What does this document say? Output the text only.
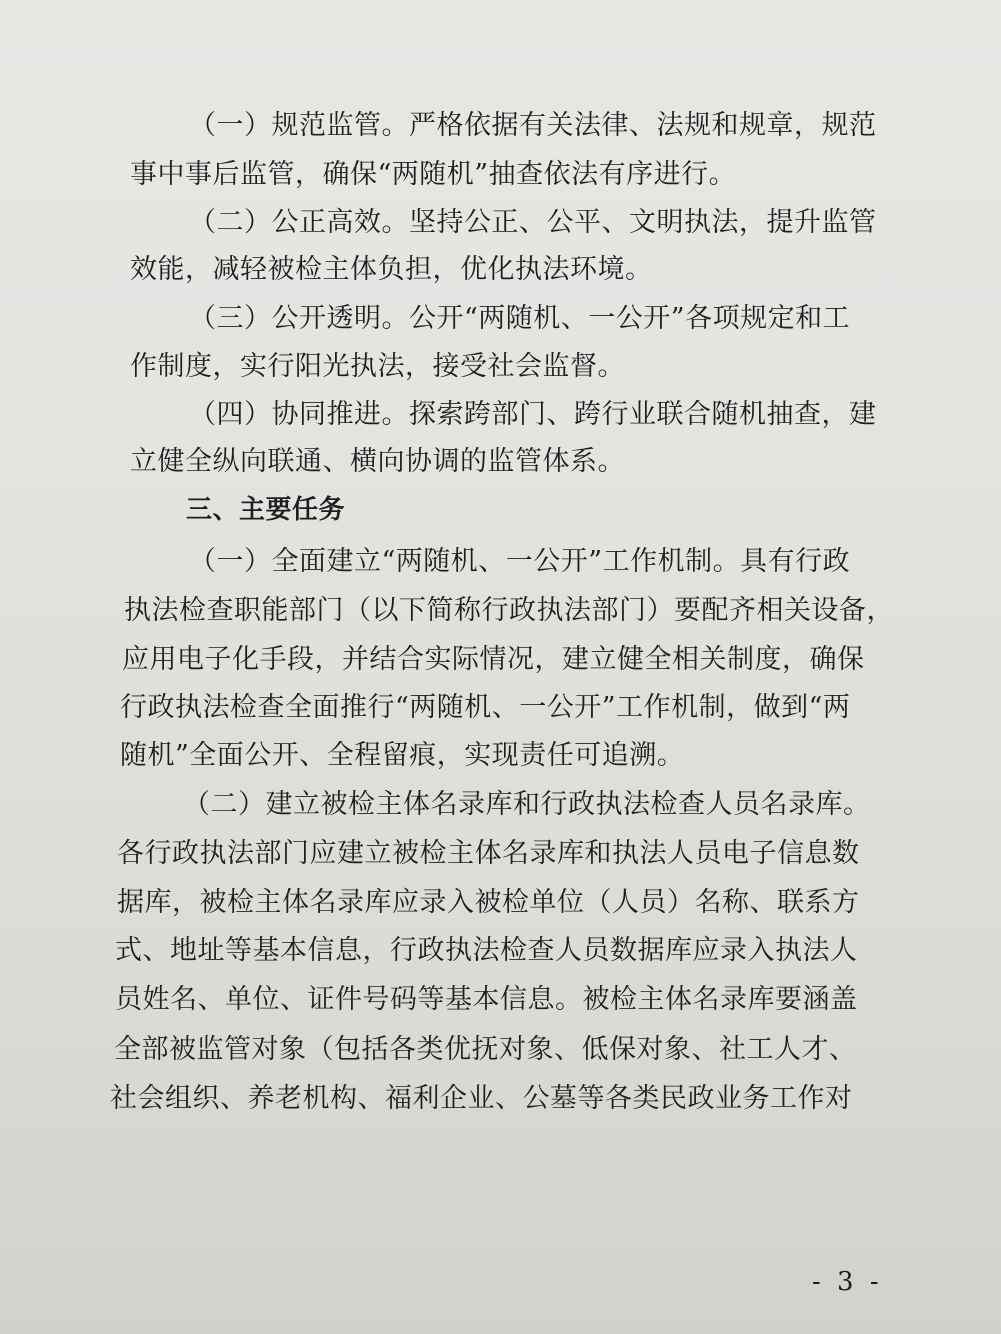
（一）规范监管。严格依据有关法律、法规和规章，规范
事中事后监管，确保“两随机”抽查依法有序进行。
（二）公正高效。坚持公正、公平、文明执法，提升监管
效能，减轻被检主体负担，优化执法环境。
（三）公开透明。公开“两随机、一公开”各项规定和工
作制度，实行阳光执法，接受社会监督。
（四）协同推进。探索跨部门、跨行业联合随机抽查，建
立健全纵向联通、横向协调的监管体系。
三、主要任务
（一）全面建立“两随机、一公开”工作机制。具有行政
执法检查职能部门（以下简称行政执法部门）要配齐相关设备，
应用电子化手段，并结合实际情况，建立健全相关制度，确保
行政执法检查全面推行“两随机、一公开”工作机制，做到“两
随机”全面公开、全程留痕，实现责任可追溯。
（二）建立被检主体名录库和行政执法检查人员名录库。
各行政执法部门应建立被检主体名录库和执法人员电子信息数
据库，被检主体名录库应录入被检单位（人员）名称、联系方
式、地址等基本信息，行政执法检查人员数据库应录入执法人
员姓名、单位、证件号码等基本信息。被检主体名录库要涵盖
全部被监管对象（包括各类优抚对象、低保对象、社工人才、
社会组织、养老机构、福利企业、公墓等各类民政业务工作对
- 3 -
